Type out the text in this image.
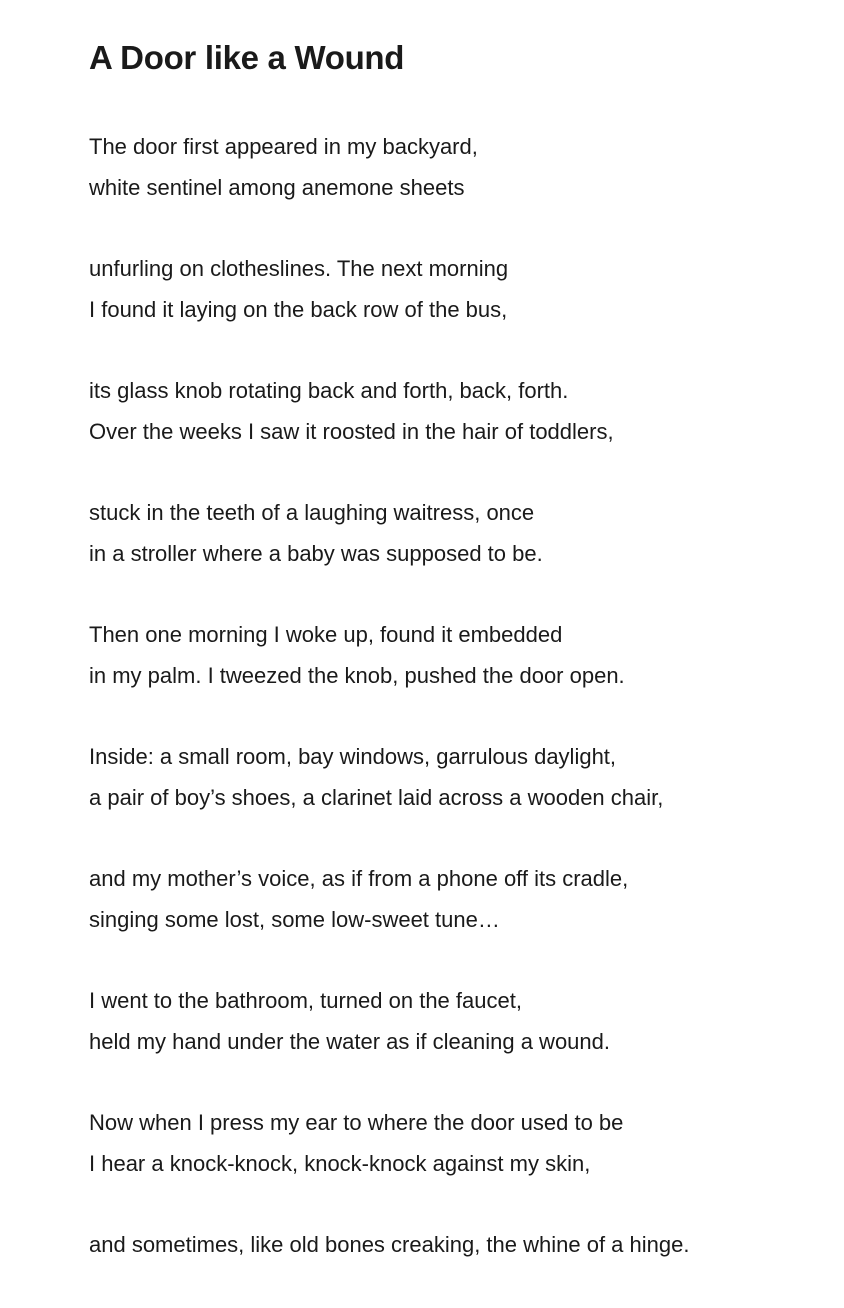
A Door like a Wound

The door first appeared in my backyard,
white sentinel among anemone sheets

unfurling on clotheslines. The next morning
I found it laying on the back row of the bus,

its glass knob rotating back and forth, back, forth.
Over the weeks I saw it roosted in the hair of toddlers,

stuck in the teeth of a laughing waitress, once
in a stroller where a baby was supposed to be.

Then one morning I woke up, found it embedded
in my palm. I tweezed the knob, pushed the door open.

Inside: a small room, bay windows, garrulous daylight,
a pair of boy’s shoes, a clarinet laid across a wooden chair,

and my mother’s voice, as if from a phone off its cradle,
singing some lost, some low-sweet tune…

I went to the bathroom, turned on the faucet,
held my hand under the water as if cleaning a wound.

Now when I press my ear to where the door used to be
I hear a knock-knock, knock-knock against my skin,

and sometimes, like old bones creaking, the whine of a hinge.
